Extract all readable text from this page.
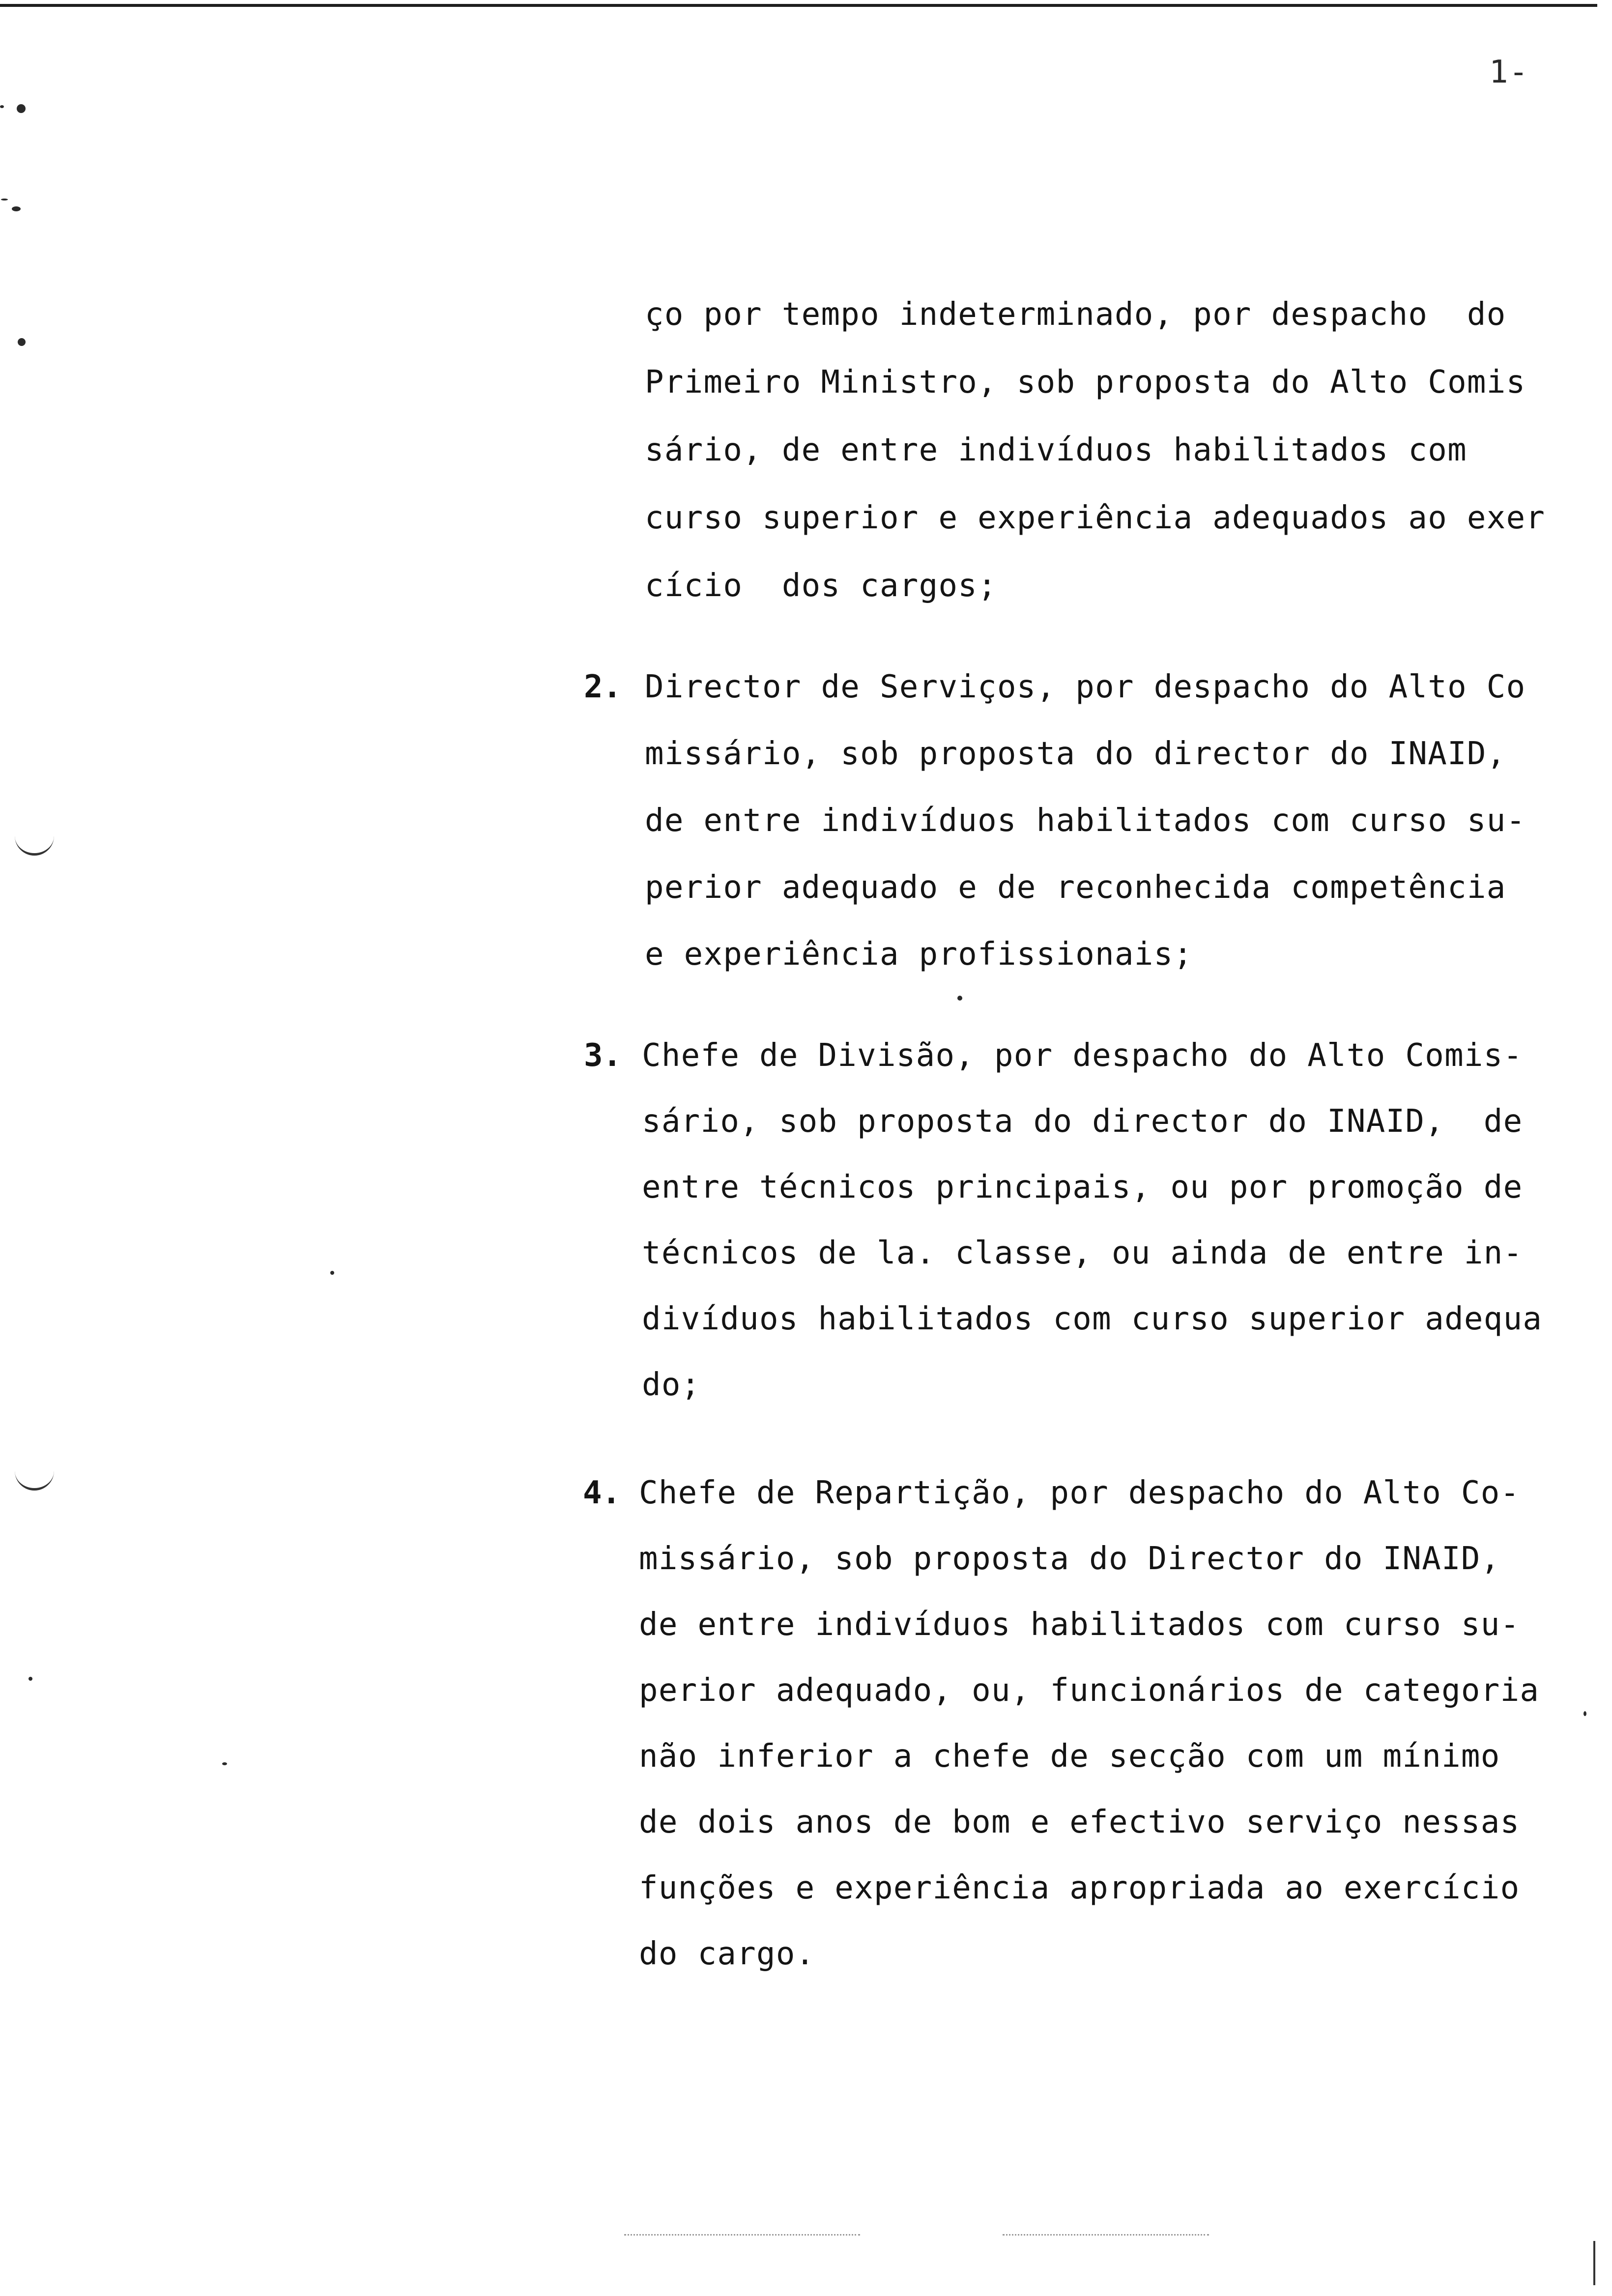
1‑
ço por tempo indeterminado, por despacho  do
Primeiro Ministro, sob proposta do Alto Comis
sário, de entre indivíduos habilitados com
curso superior e experiência adequados ao exer
cício  dos cargos;
2. Director de Serviços, por despacho do Alto Co
missário, sob proposta do director do INAID,
de entre indivíduos habilitados com curso su-
perior adequado e de reconhecida competência
e experiência profissionais;
3. Chefe de Divisão, por despacho do Alto Comis-
sário, sob proposta do director do INAID,  de
entre técnicos principais, ou por promoção de
técnicos de la. classe, ou ainda de entre in-
divíduos habilitados com curso superior adequa
do;
4. Chefe de Repartição, por despacho do Alto Co-
missário, sob proposta do Director do INAID,
de entre indivíduos habilitados com curso su-
perior adequado, ou, funcionários de categoria
não inferior a chefe de secção com um mínimo
de dois anos de bom e efectivo serviço nessas
funções e experiência apropriada ao exercício
do cargo.
